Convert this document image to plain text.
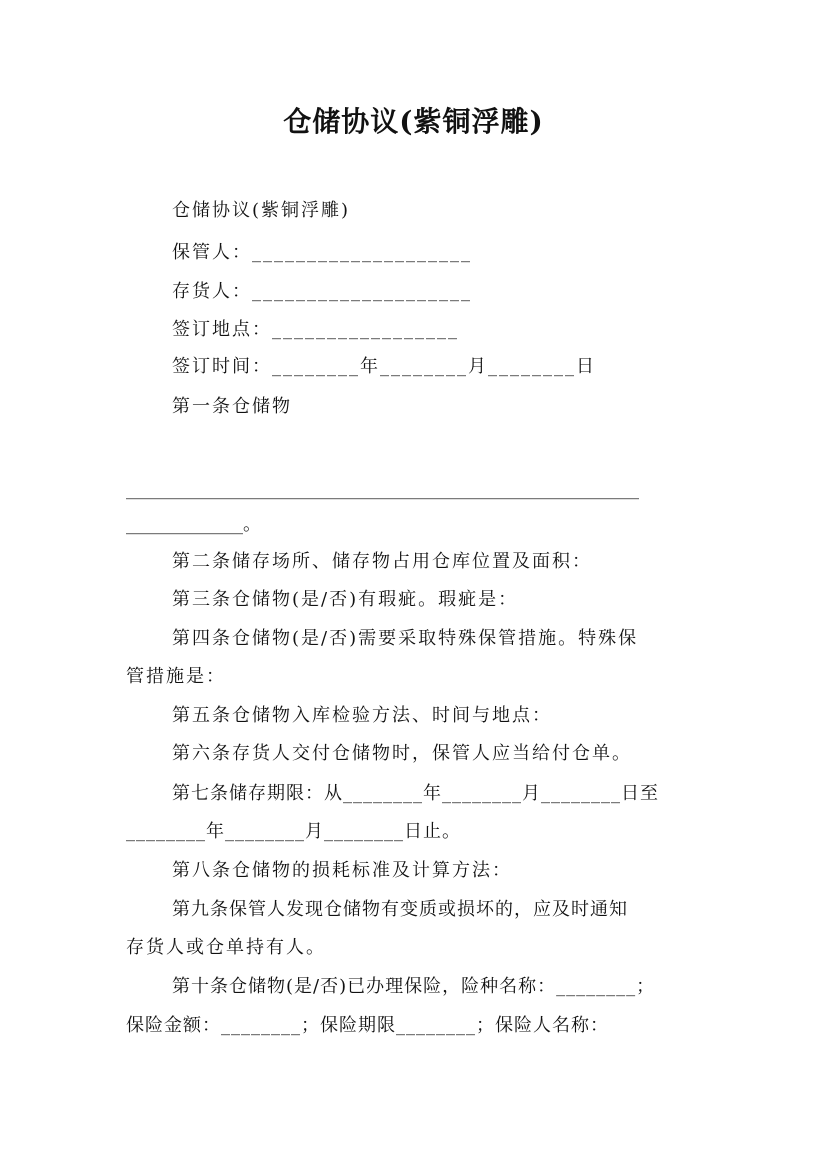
仓储协议(紫铜浮雕)
仓储协议(紫铜浮雕)
保管人：____________________
存货人：____________________
签订地点：_________________
签订时间：________年________月________日
第一条仓储物
_________________________________________________________
_____________。
第二条储存场所、储存物占用仓库位置及面积：
第三条仓储物(是/否)有瑕疵。瑕疵是：
第四条仓储物(是/否)需要采取特殊保管措施。特殊保
管措施是：
第五条仓储物入库检验方法、时间与地点：
第六条存货人交付仓储物时，保管人应当给付仓单。
第七条储存期限：从________年________月________日至
________年________月________日止。
第八条仓储物的损耗标准及计算方法：
第九条保管人发现仓储物有变质或损坏的，应及时通知
存货人或仓单持有人。
第十条仓储物(是/否)已办理保险，险种名称：________；
保险金额：________；保险期限________；保险人名称：
